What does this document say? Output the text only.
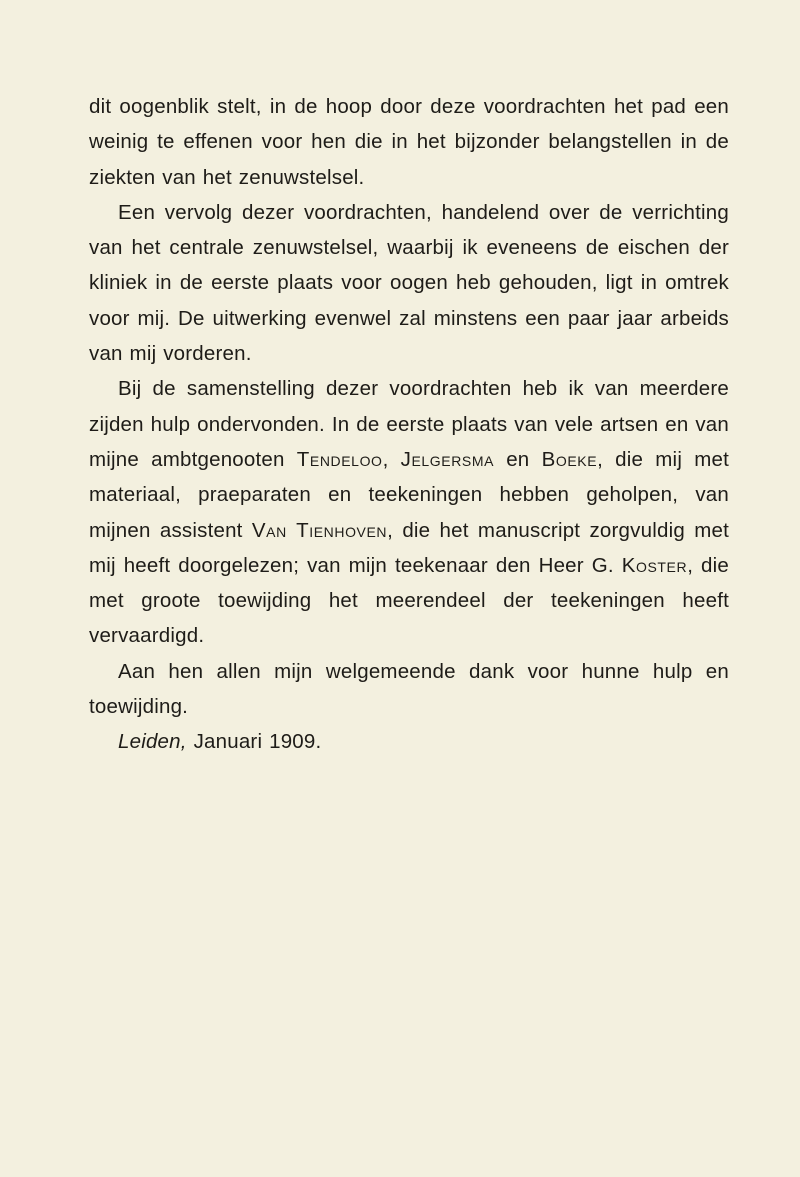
dit oogenblik stelt, in de hoop door deze voordrachten het pad een weinig te effenen voor hen die in het bijzonder belangstellen in de ziekten van het zenuwstelsel.

Een vervolg dezer voordrachten, handelend over de verrichting van het centrale zenuwstelsel, waarbij ik eveneens de eischen der kliniek in de eerste plaats voor oogen heb gehouden, ligt in omtrek voor mij. De uitwerking evenwel zal minstens een paar jaar arbeids van mij vorderen.

Bij de samenstelling dezer voordrachten heb ik van meerdere zijden hulp ondervonden. In de eerste plaats van vele artsen en van mijne ambtgenooten Tendeloo, Jelgersma en Boeke, die mij met materiaal, praeparaten en teekeningen hebben geholpen, van mijnen assistent Van Tienhoven, die het manuscript zorgvuldig met mij heeft doorgelezen; van mijn teekenaar den Heer G. Koster, die met groote toewijding het meerendeel der teekeningen heeft vervaardigd.

Aan hen allen mijn welgemeende dank voor hunne hulp en toewijding.

Leiden, Januari 1909.
